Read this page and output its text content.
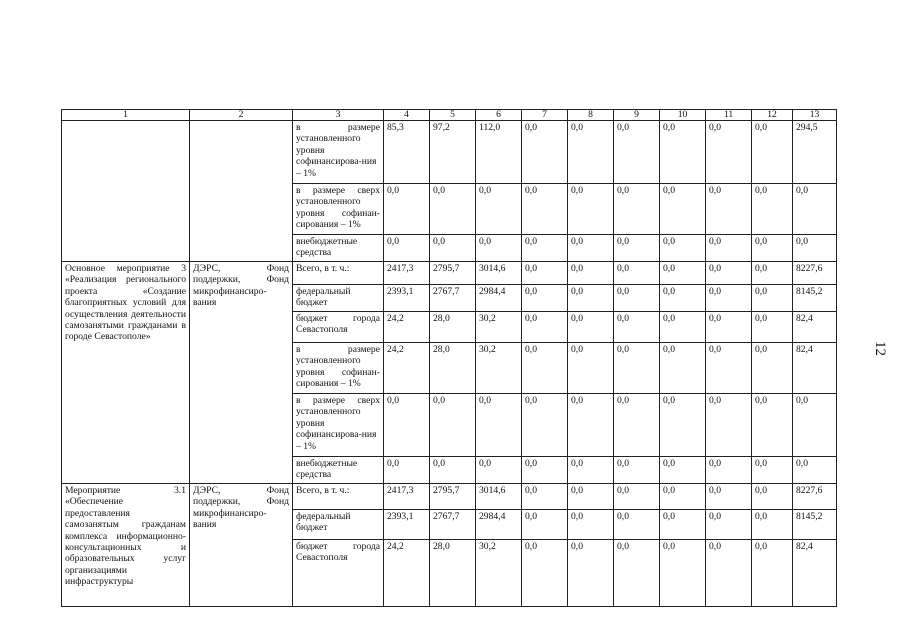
1	2	3	4	5	6	7	8	9	10	11	12	13
		в размере установленного уровня софинансирова-ния – 1%	85,3	97,2	112,0	0,0	0,0	0,0	0,0	0,0	0,0	294,5
		в размере сверх установленного уровня софинан-сирования – 1%	0,0	0,0	0,0	0,0	0,0	0,0	0,0	0,0	0,0	0,0
		внебюджетные средства	0,0	0,0	0,0	0,0	0,0	0,0	0,0	0,0	0,0	0,0
Основное мероприятие 3 «Реализация регионального проекта «Создание благоприятных условий для осуществления деятельности самозанятыми гражданами в городе Севастополе»	ДЭРС, Фонд поддержки, Фонд микрофинансиро-вания	Всего, в т. ч.:	2417,3	2795,7	3014,6	0,0	0,0	0,0	0,0	0,0	0,0	8227,6
		федеральный бюджет	2393,1	2767,7	2984,4	0,0	0,0	0,0	0,0	0,0	0,0	8145,2
		бюджет города Севастополя	24,2	28,0	30,2	0,0	0,0	0,0	0,0	0,0	0,0	82,4
		в размере установленного уровня софинан-сирования – 1%	24,2	28,0	30,2	0,0	0,0	0,0	0,0	0,0	0,0	82,4
		в размере сверх установленного уровня софинансирова-ния – 1%	0,0	0,0	0,0	0,0	0,0	0,0	0,0	0,0	0,0	0,0
		внебюджетные средства	0,0	0,0	0,0	0,0	0,0	0,0	0,0	0,0	0,0	0,0
Мероприятие 3.1 «Обеспечение предоставления самозанятым гражданам комплекса информационно-консультационных и образовательных услуг организациями инфраструктуры	ДЭРС, Фонд поддержки, Фонд микрофинансиро-вания	Всего, в т. ч.:	2417,3	2795,7	3014,6	0,0	0,0	0,0	0,0	0,0	0,0	8227,6
		федеральный бюджет	2393,1	2767,7	2984,4	0,0	0,0	0,0	0,0	0,0	0,0	8145,2
		бюджет города Севастополя	24,2	28,0	30,2	0,0	0,0	0,0	0,0	0,0	0,0	82,4
12
